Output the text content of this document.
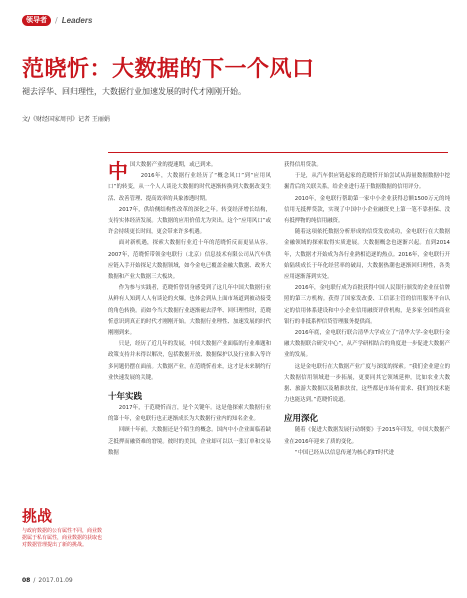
领导者	/ Leaders
范晓忻：大数据的下一个风口
褪去浮华、回归理性，大数据行业加速发展的时代才刚刚开始。
文/《财经国家周刊》记者 王丽娟

中国大数据产业的提速期，或已到来。

2016年，大数据行业经历了“概念风口”到“应用风口”的转变，从一个人人谈论大数据的时代逐渐转换到大数据改变生活、改善管理、提高效率的具象渗透时期。

2017年，供给侧结构性改革的深化之年。转变经济增长结构，支持实体经济发展。大数据的应用价值尤为突出。这个“应用风口”或许会持续更长时间，更会带来许多机遇。

面对新机遇，探索大数据行业近十年的范晓忻反而更显从容。2007年，范晓忻带领金电联行（北京）信息技术有限公司从汽车供应链入手开始探足大数据领域，如今金电已覆盖金融大数据、政务大数据和产业大数据三大板块。

作为参与实践者，范晓忻曾切身感受到了这几年中国大数据行业从鲜有人知到人人有谈论的火爆，也体会到从上面市场道到被动接受的角色转换。而如今当大数据行业逐渐褪去浮华、回归理性时，范晓忻意识到真正的时代才刚刚开始。大数据行业理性、加速发展的时代刚刚到来。

只是，经历了近几年的发展，中国大数据产业面临的行业难题和政策支持并未得以解决，包括数据开放、数据保护以及行业准入等许多问题仍摆在面前。大数据产业，在范晓忻看来，这才是未来制约行业快速发展的关键。

十年实践

2017年，于范晓忻而言，是个关键年。这是他探索大数据行业的第十年，金电联行也正逐渐成长为大数据行业内的知名企业。

回顾十年前，大数据还是个陌生的概念。国内中小企业面临着缺乏抵押而融资难的窘境。彼时的美国，企业却可以以一张订单和交易数据

获得信用贷款。

于是，从汽车供应链起家的范晓忻开始尝试从海量数据数据中挖掘背后的关联关系，给企业进行基于数据数据的信用评分。

2010年，金电联行帮助第一家中小企业获得总额1500万元的纯信用无抵押贷款，实现了中国中小企业融资史上第一笔不靠担保、没有抵押物的纯信用融资。

随着这项依托数据分析形成的信贷发放成功，金电联行在大数据金融领域的探索取得实质进展。大数据概念也逐渐兴起。直到2014年，大数据才开始成为各行业熟相追逐的热点。2016年，金电联行开始陆续成长于年化经营率的破局，大数据热潮也逐渐回归理性，各类应用逐渐落到实处。

2016年，金电联行成为首批获得中国人民银行颁发的企业征信牌照的第三方机构。获得了国家发改委、工信部主管的信用服务平台认定的信用体系建设和中小企业信用融资评价机构，是多家全国性商业银行的非抵系押信贷管理服务提供商。

2016年底，金电联行联合清华大学成立了“清华大学-金电联行金融大数据联合研究中心”，从产学研相结合的角度进一步促进大数据产业的发展。

这是金电联行在大数据产业广度与深度的探索。“我们企业建立的大数据信用领域进一步拓展，更要同其它领域延伸，比如农业大数据、旅游大数据以及精准扶贫，这些都是市场有需求、我们的技术能力也能达到。”范晓忻说道。

应用深化

随着《促进大数据发展行动纲要》于2015年印发，中国大数据产业在2016年迎来了质的变化。

“中国已经从以信息传递为核心的IT时代进

挑战
与政府数据的公有属性不同，商业数据属于私有属性，商业数据的获取也对数据管理提出了新的挑战。
08 / 2017.01.09
